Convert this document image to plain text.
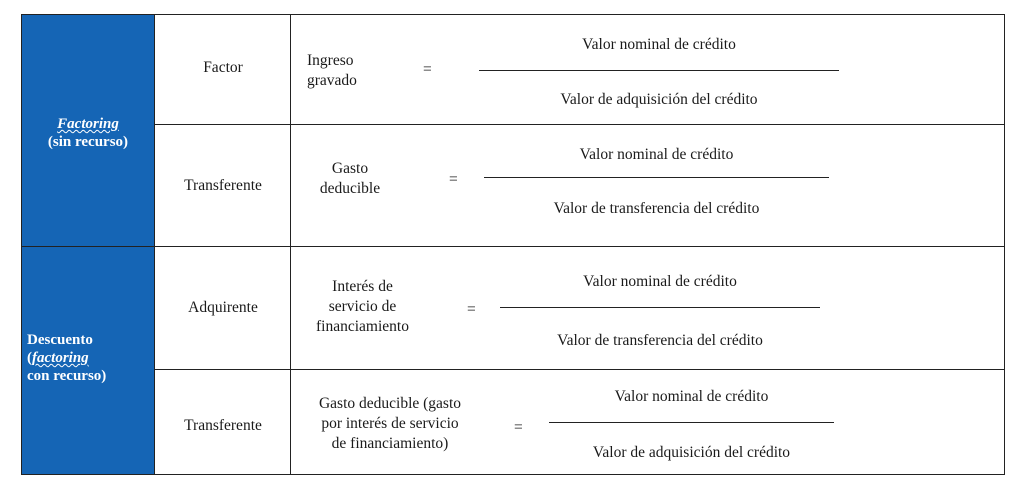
Factoring
(sin recurso)
Descuento
(factoring
con recurso)
Factor	Ingreso
gravado
=
Valor nominal de crédito
Valor de adquisición del crédito
Transferente
Gasto
deducible
=
Valor nominal de crédito
Valor de transferencia del crédito
Adquirente
Interés de
servicio de
financiamiento
=
Valor nominal de crédito
Valor de transferencia del crédito
Transferente
Gasto deducible (gasto
por interés de servicio
de financiamiento)
=
Valor nominal de crédito
Valor de adquisición del crédito
